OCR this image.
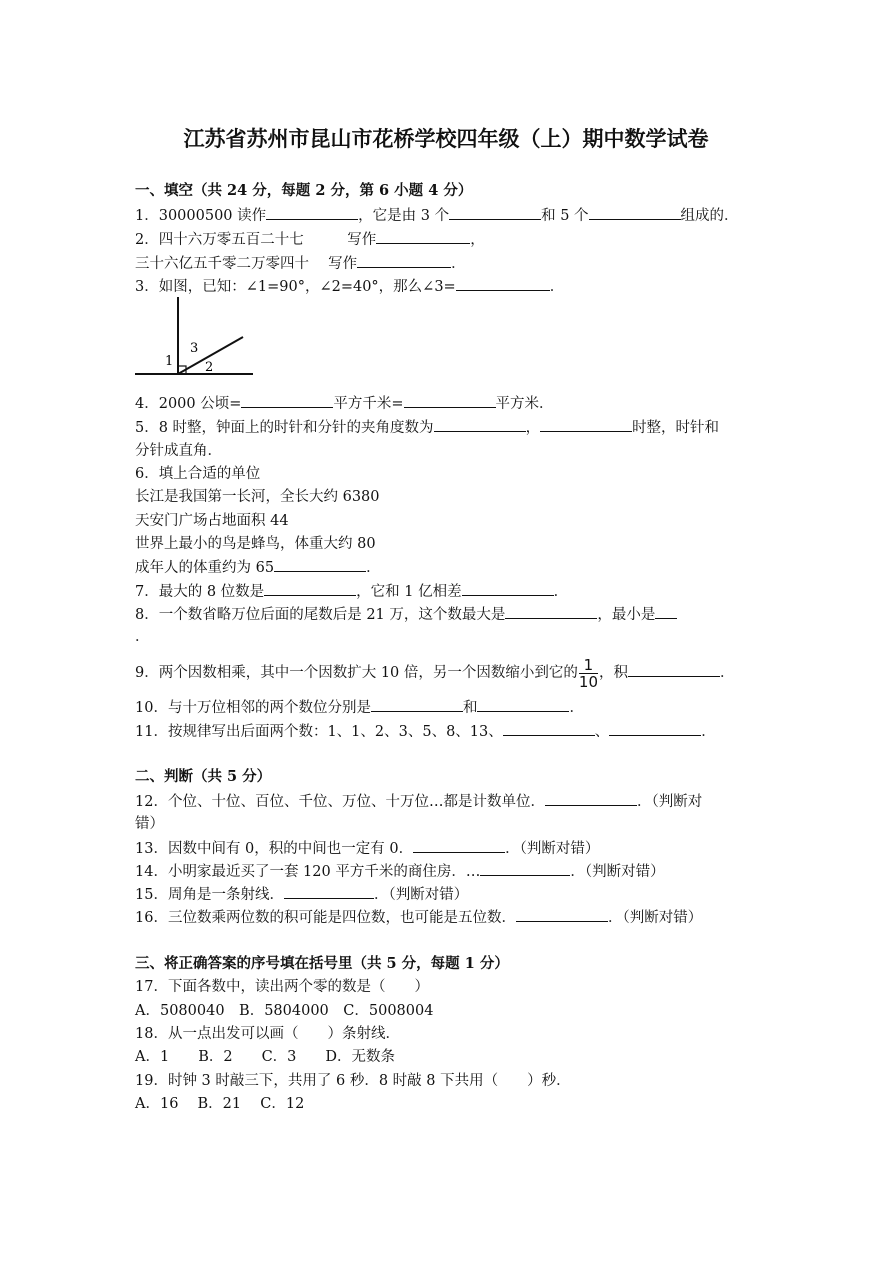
江苏省苏州市昆山市花桥学校四年级（上）期中数学试卷
一、填空（共 24 分，每题 2 分，第 6 小题 4 分）
1．30000500 读作	，它是由 3 个	和 5 个	组成的．
2．四十六万零五百二十七　　　写作	，
三十六亿五千零二万零四十　 写作	．
3．如图，已知：∠1=90°，∠2=40°，那么∠3=	．
1
3
2
4．2000 公顷=	平方千米=	平方米．
5．8 时整，钟面上的时针和分针的夹角度数为	，	时整，时针和
分针成直角．
6．填上合适的单位
长江是我国第一长河，全长大约 6380
天安门广场占地面积 44
世界上最小的鸟是蜂鸟，体重大约 80
成年人的体重约为 65	．
7．最大的 8 位数是	，它和 1 亿相差	．
8．一个数省略万位后面的尾数后是 21 万，这个数最大是	，最小是
．
9．两个因数相乘，其中一个因数扩大 10 倍，另一个因数缩小到它的 $\frac{1}{10}$ ，积	．
10．与十万位相邻的两个数位分别是	和	．
11．按规律写出后面两个数：1、1、2、3、5、8、13、	、	．
二、判断（共 5 分）
12．个位、十位、百位、千位、万位、十万位…都是计数单位．	．（判断对
错）
13．因数中间有 0，积的中间也一定有 0．	．（判断对错）
14．小明家最近买了一套 120 平方千米的商住房．…	．（判断对错）
15．周角是一条射线．	．（判断对错）
16．三位数乘两位数的积可能是四位数，也可能是五位数．	．（判断对错）
三、将正确答案的序号填在括号里（共 5 分，每题 1 分）
17．下面各数中，读出两个零的数是（　　）
A．5080040　B．5804000　C．5008004
18．从一点出发可以画（　　）条射线．
A．1　　B．2　　C．3　　D．无数条
19．时钟 3 时敲三下，共用了 6 秒．8 时敲 8 下共用（　　）秒．
A．16　 B．21　 C．12
